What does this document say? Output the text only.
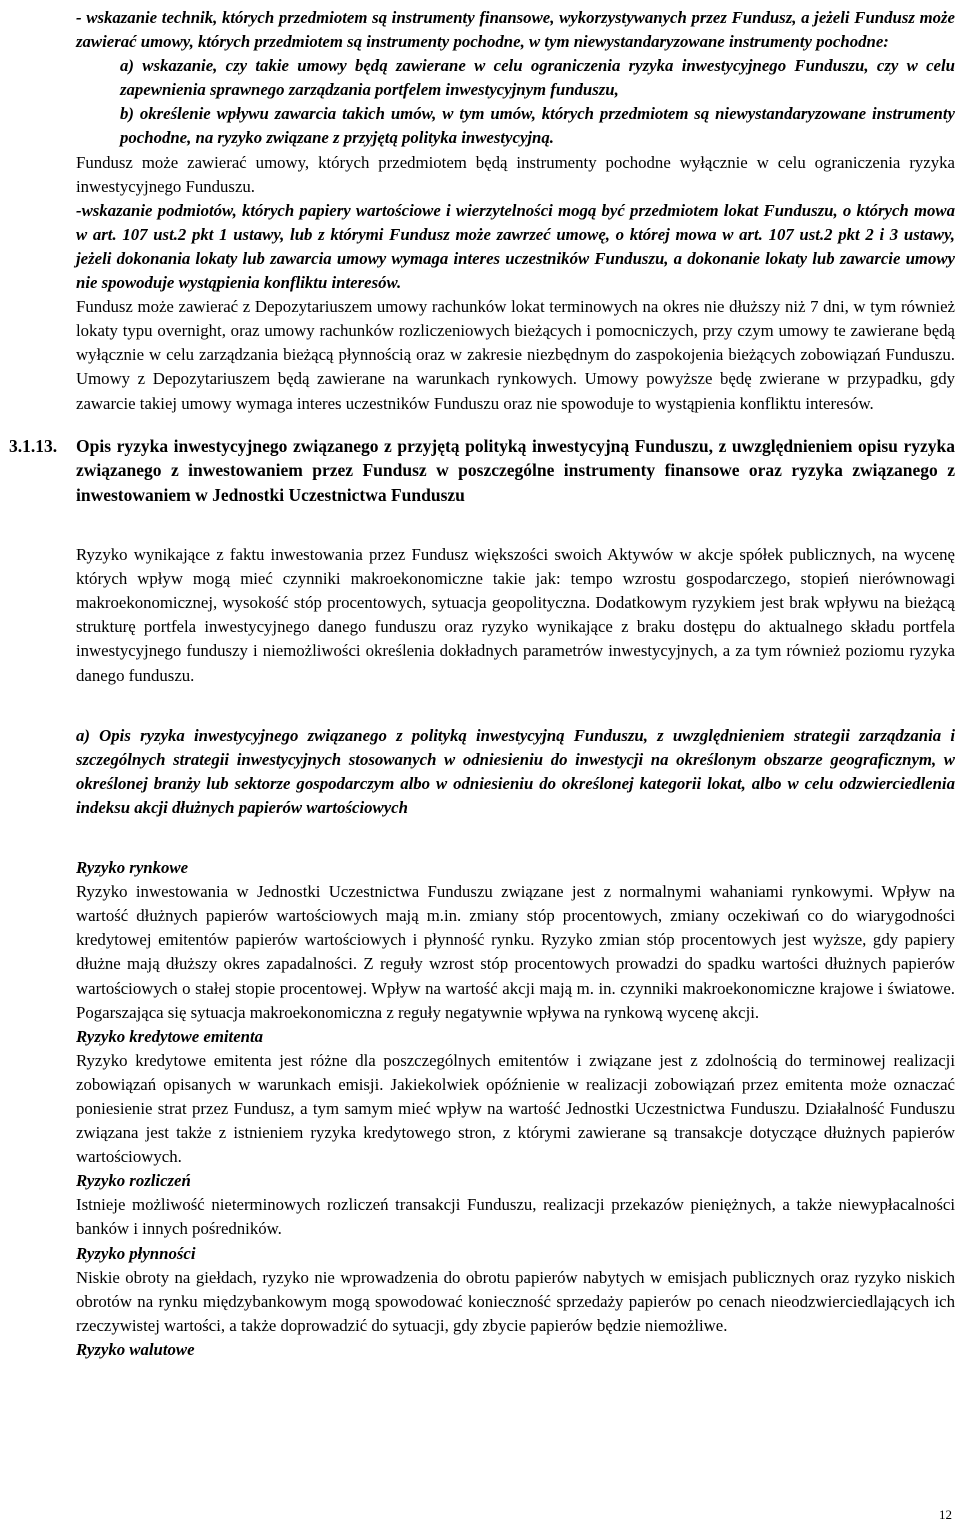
- wskazanie technik, których przedmiotem są instrumenty finansowe, wykorzystywanych przez Fundusz, a jeżeli Fundusz może zawierać umowy, których przedmiotem są instrumenty pochodne, w tym niewystandaryzowane instrumenty pochodne:

a) wskazanie, czy takie umowy będą zawierane w celu ograniczenia ryzyka inwestycyjnego Funduszu, czy w celu zapewnienia sprawnego zarządzania portfelem inwestycyjnym funduszu,

b) określenie wpływu zawarcia takich umów, w tym umów, których przedmiotem są niewystandaryzowane instrumenty pochodne, na ryzyko związane z przyjętą polityka inwestycyjną.

Fundusz może zawierać umowy, których przedmiotem będą instrumenty pochodne wyłącznie w celu ograniczenia ryzyka inwestycyjnego Funduszu.

-wskazanie podmiotów, których papiery wartościowe i wierzytelności mogą być przedmiotem lokat Funduszu, o których mowa w art. 107 ust.2 pkt 1 ustawy, lub z którymi Fundusz może zawrzeć umowę, o której mowa w art. 107 ust.2 pkt 2 i 3 ustawy, jeżeli dokonania lokaty lub zawarcia umowy wymaga interes uczestników Funduszu, a dokonanie lokaty lub zawarcie umowy nie spowoduje wystąpienia konfliktu interesów.

Fundusz może zawierać z Depozytariuszem umowy rachunków lokat terminowych na okres nie dłuższy niż 7 dni, w tym również lokaty typu overnight, oraz umowy rachunków rozliczeniowych bieżących i pomocniczych, przy czym umowy te zawierane będą wyłącznie w celu zarządzania bieżącą płynnością oraz w zakresie niezbędnym do zaspokojenia bieżących zobowiązań Funduszu. Umowy z Depozytariuszem będą zawierane na warunkach rynkowych. Umowy powyższe będę zwierane w przypadku, gdy zawarcie takiej umowy wymaga interes uczestników Funduszu oraz nie spowoduje to wystąpienia konfliktu interesów.

3.1.13.	Opis ryzyka inwestycyjnego związanego z przyjętą polityką inwestycyjną Funduszu, z uwzględnieniem opisu ryzyka związanego z inwestowaniem przez Fundusz w poszczególne instrumenty finansowe oraz ryzyka związanego z inwestowaniem w Jednostki Uczestnictwa Funduszu

Ryzyko wynikające z faktu inwestowania przez Fundusz większości swoich Aktywów w akcje spółek publicznych, na wycenę których wpływ mogą mieć czynniki makroekonomiczne takie jak: tempo wzrostu gospodarczego, stopień nierównowagi makroekonomicznej, wysokość stóp procentowych, sytuacja geopolityczna. Dodatkowym ryzykiem jest brak wpływu na bieżącą strukturę portfela inwestycyjnego danego funduszu oraz ryzyko wynikające z braku dostępu do aktualnego składu portfela inwestycyjnego funduszy i niemożliwości określenia dokładnych parametrów inwestycyjnych, a za tym również poziomu ryzyka danego funduszu.

a) Opis ryzyka inwestycyjnego związanego z polityką inwestycyjną Funduszu, z uwzględnieniem strategii zarządzania i szczególnych strategii inwestycyjnych stosowanych w odniesieniu do inwestycji na określonym obszarze geograficznym, w określonej branży lub sektorze gospodarczym albo w odniesieniu do określonej kategorii lokat, albo w celu odzwierciedlenia indeksu akcji dłużnych papierów wartościowych

Ryzyko rynkowe

Ryzyko inwestowania w Jednostki Uczestnictwa Funduszu związane jest z normalnymi wahaniami rynkowymi. Wpływ na wartość dłużnych papierów wartościowych mają m.in. zmiany stóp procentowych, zmiany oczekiwań co do wiarygodności kredytowej emitentów papierów wartościowych i płynność rynku. Ryzyko zmian stóp procentowych jest wyższe, gdy papiery dłużne mają dłuższy okres zapadalności. Z reguły wzrost stóp procentowych prowadzi do spadku wartości dłużnych papierów wartościowych o stałej stopie procentowej. Wpływ na wartość akcji mają m. in. czynniki makroekonomiczne krajowe i światowe. Pogarszająca się sytuacja makroekonomiczna z reguły negatywnie wpływa na rynkową wycenę akcji.

Ryzyko kredytowe emitenta

Ryzyko kredytowe emitenta jest różne dla poszczególnych emitentów i związane jest z zdolnością do terminowej realizacji zobowiązań opisanych w warunkach emisji. Jakiekolwiek opóźnienie w realizacji zobowiązań przez emitenta może oznaczać poniesienie strat przez Fundusz, a tym samym mieć wpływ na wartość Jednostki Uczestnictwa Funduszu. Działalność Funduszu związana jest także z istnieniem ryzyka kredytowego stron, z którymi zawierane są transakcje dotyczące dłużnych papierów wartościowych.

Ryzyko rozliczeń

Istnieje możliwość nieterminowych rozliczeń transakcji Funduszu, realizacji przekazów pieniężnych, a także niewypłacalności banków i innych pośredników.

Ryzyko płynności

Niskie obroty na giełdach, ryzyko nie wprowadzenia do obrotu papierów nabytych w emisjach publicznych oraz ryzyko niskich obrotów na rynku międzybankowym mogą spowodować konieczność sprzedaży papierów po cenach nieodzwierciedlających ich rzeczywistej wartości, a także doprowadzić do sytuacji, gdy zbycie papierów będzie niemożliwe.

Ryzyko walutowe

12
